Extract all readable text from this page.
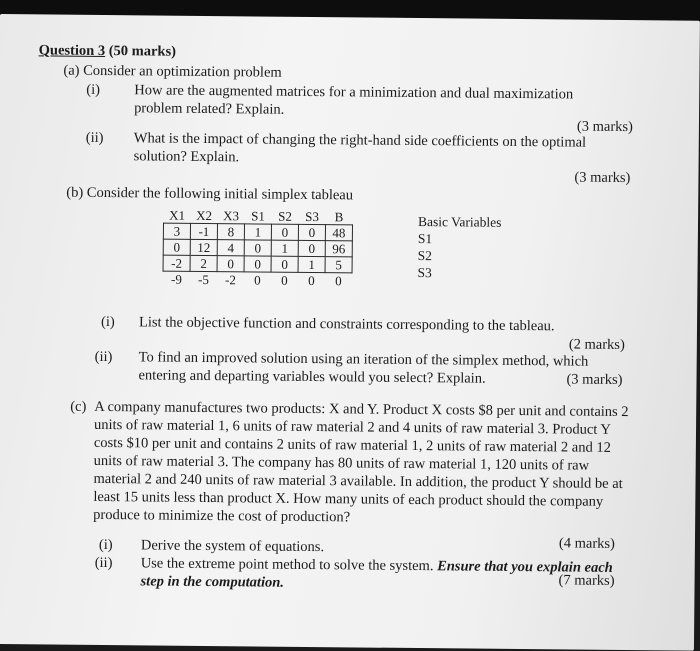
Question 3 (50 marks)
(a) Consider an optimization problem
(i) How are the augmented matrices for a minimization and dual maximization
problem related? Explain.
(3 marks)
(ii) What is the impact of changing the right-hand side coefficients on the optimal
solution? Explain.
(3 marks)
(b) Consider the following initial simplex tableau
X1	X2	X3	S1	S2	S3	B
3	-1	8	1	0	0	48
0	12	4	0	1	0	96
-2	2	0	0	0	1	5
-9	-5	-2	0	0	0	0
Basic Variables
S1
S2
S3
(i) List the objective function and constraints corresponding to the tableau.
(2 marks)
(ii) To find an improved solution using an iteration of the simplex method, which
entering and departing variables would you select? Explain.	(3 marks)
(c) A company manufactures two products: X and Y. Product X costs $8 per unit and contains 2
units of raw material 1, 6 units of raw material 2 and 4 units of raw material 3. Product Y
costs $10 per unit and contains 2 units of raw material 1, 2 units of raw material 2 and 12
units of raw material 3. The company has 80 units of raw material 1, 120 units of raw
material 2 and 240 units of raw material 3 available. In addition, the product Y should be at
least 15 units less than product X. How many units of each product should the company
produce to minimize the cost of production?
(i) Derive the system of equations.	(4 marks)
(ii) Use the extreme point method to solve the system. Ensure that you explain each
step in the computation.	(7 marks)
